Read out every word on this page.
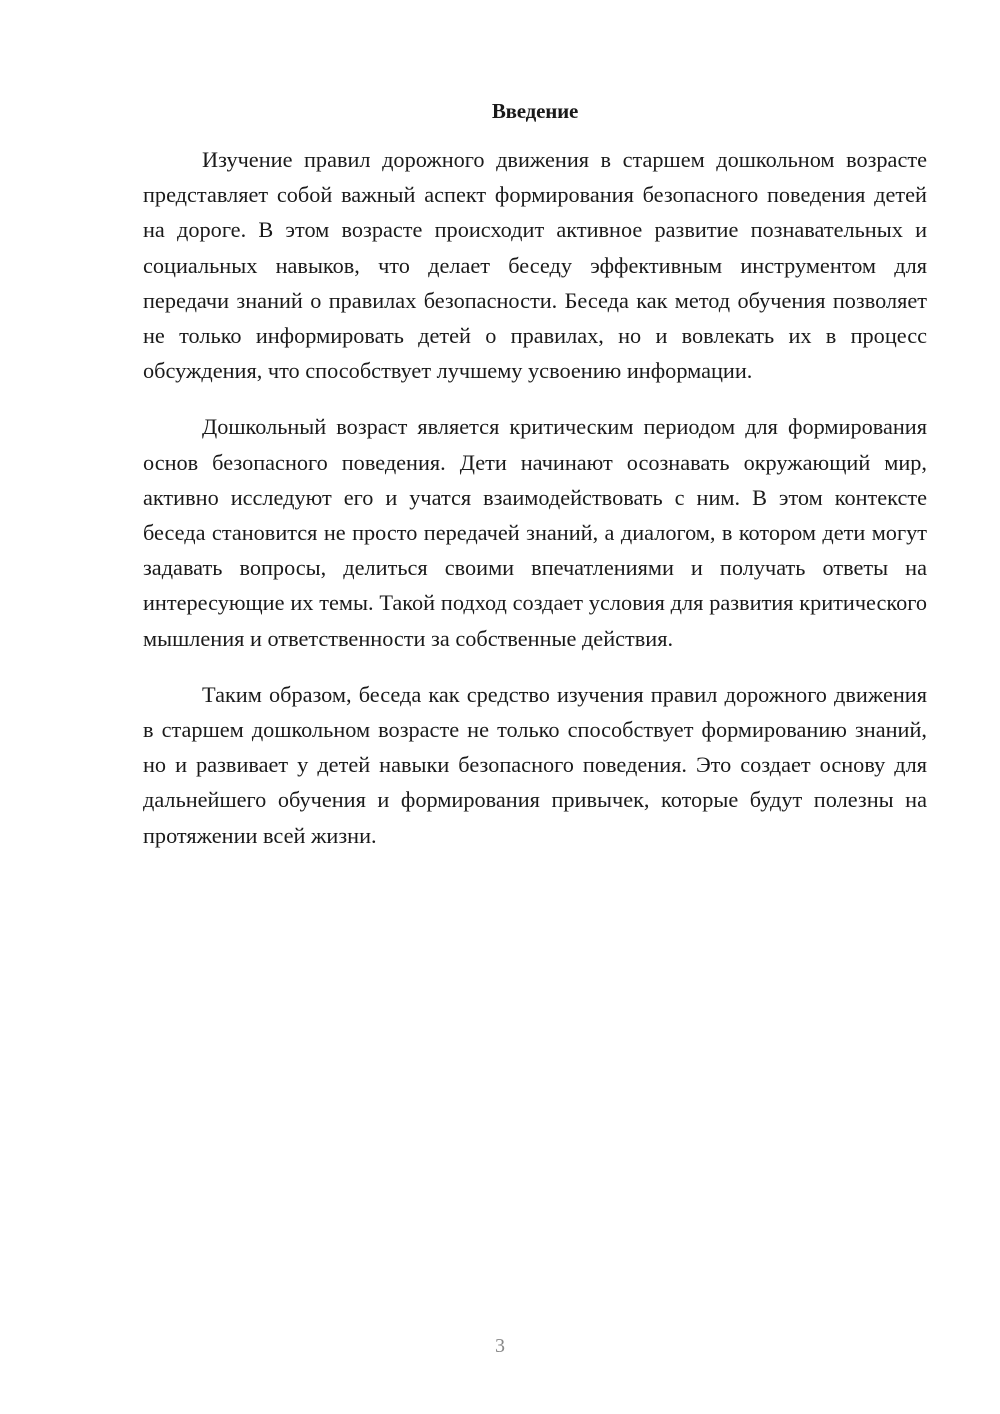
Введение

Изучение правил дорожного движения в старшем дошкольном возрасте представляет собой важный аспект формирования безопасного поведения детей на дороге. В этом возрасте происходит активное развитие познавательных и социальных навыков, что делает беседу эффективным инструментом для передачи знаний о правилах безопасности. Беседа как метод обучения позволяет не только информировать детей о правилах, но и вовлекать их в процесс обсуждения, что способствует лучшему усвоению информации.

Дошкольный возраст является критическим периодом для формирования основ безопасного поведения. Дети начинают осознавать окружающий мир, активно исследуют его и учатся взаимодействовать с ним. В этом контексте беседа становится не просто передачей знаний, а диалогом, в котором дети могут задавать вопросы, делиться своими впечатлениями и получать ответы на интересующие их темы. Такой подход создает условия для развития критического мышления и ответственности за собственные действия.

Таким образом, беседа как средство изучения правил дорожного движения в старшем дошкольном возрасте не только способствует формированию знаний, но и развивает у детей навыки безопасного поведения. Это создает основу для дальнейшего обучения и формирования привычек, которые будут полезны на протяжении всей жизни.

3
